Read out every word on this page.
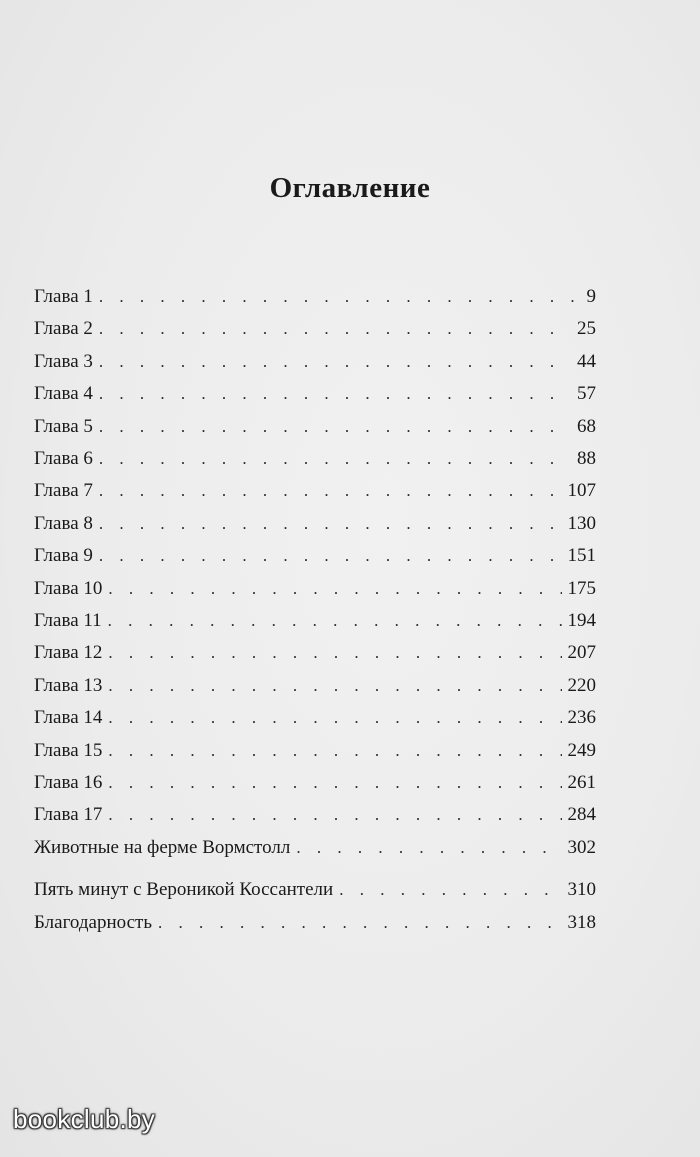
Оглавление
Глава 1 . . .	9
Глава 2 . . .	25
Глава 3 . . .	44
Глава 4 . . .	57
Глава 5 . . .	68
Глава 6 . . .	88
Глава 7 . . .	107
Глава 8 . . .	130
Глава 9 . . .	151
Глава 10 . . .	175
Глава 11 . . .	194
Глава 12 . . .	207
Глава 13 . . .	220
Глава 14 . . .	236
Глава 15 . . .	249
Глава 16 . . .	261
Глава 17 . . .	284
Животные на ферме Вормстолл . . .	302
Пять минут с Вероникой Коссантели . . .	310
Благодарность . . .	318
bookclub.by
